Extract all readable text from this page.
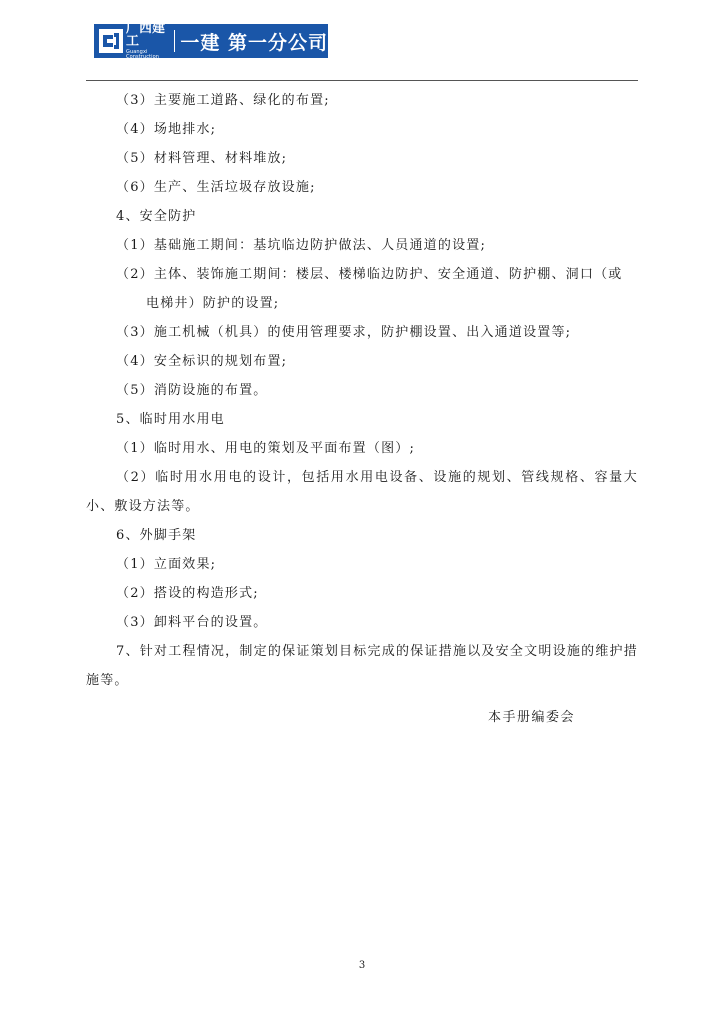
广西建工
Guangxi Construction
一建 第一分公司
（3）主要施工道路、绿化的布置;
（4）场地排水;
（5）材料管理、材料堆放;
（6）生产、生活垃圾存放设施;
4、安全防护
（1）基础施工期间：基坑临边防护做法、人员通道的设置;
（2）主体、装饰施工期间：楼层、楼梯临边防护、安全通道、防护棚、洞口（或
电梯井）防护的设置;
（3）施工机械（机具）的使用管理要求，防护棚设置、出入通道设置等;
（4）安全标识的规划布置;
（5）消防设施的布置。
5、临时用水用电
（1）临时用水、用电的策划及平面布置（图）;
（2）临时用水用电的设计，包括用水用电设备、设施的规划、管线规格、容量大小、敷设方法等。
6、外脚手架
（1）立面效果;
（2）搭设的构造形式;
（3）卸料平台的设置。
7、针对工程情况，制定的保证策划目标完成的保证措施以及安全文明设施的维护措施等。
本手册编委会
3
